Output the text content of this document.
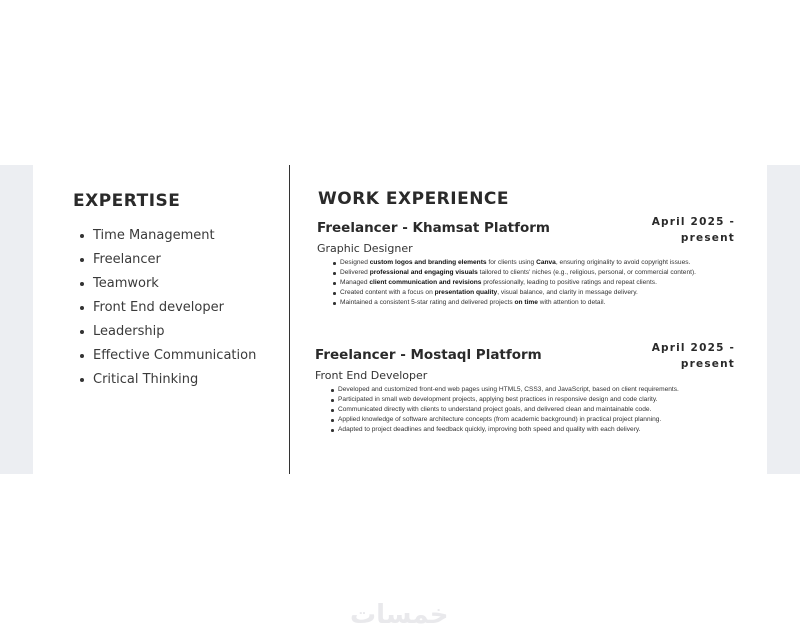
EXPERTISE
Time Management
Freelancer
Teamwork
Front End developer
Leadership
Effective Communication
Critical Thinking
WORK EXPERIENCE
Freelancer - Khamsat Platform
Graphic Designer
Designed custom logos and branding elements for clients using Canva, ensuring originality to avoid copyright issues.
Delivered professional and engaging visuals tailored to clients' niches (e.g., religious, personal, or commercial content).
Managed client communication and revisions professionally, leading to positive ratings and repeat clients.
Created content with a focus on presentation quality, visual balance, and clarity in message delivery.
Maintained a consistent 5-star rating and delivered projects on time with attention to detail.
April 2025 -
present
Freelancer - Mostaql Platform
Front End Developer
Developed and customized front-end web pages using HTML5, CSS3, and JavaScript, based on client requirements.
Participated in small web development projects, applying best practices in responsive design and code clarity.
Communicated directly with clients to understand project goals, and delivered clean and maintainable code.
Applied knowledge of software architecture concepts (from academic background) in practical project planning.
Adapted to project deadlines and feedback quickly, improving both speed and quality with each delivery.
April 2025 -
present
خمسات
